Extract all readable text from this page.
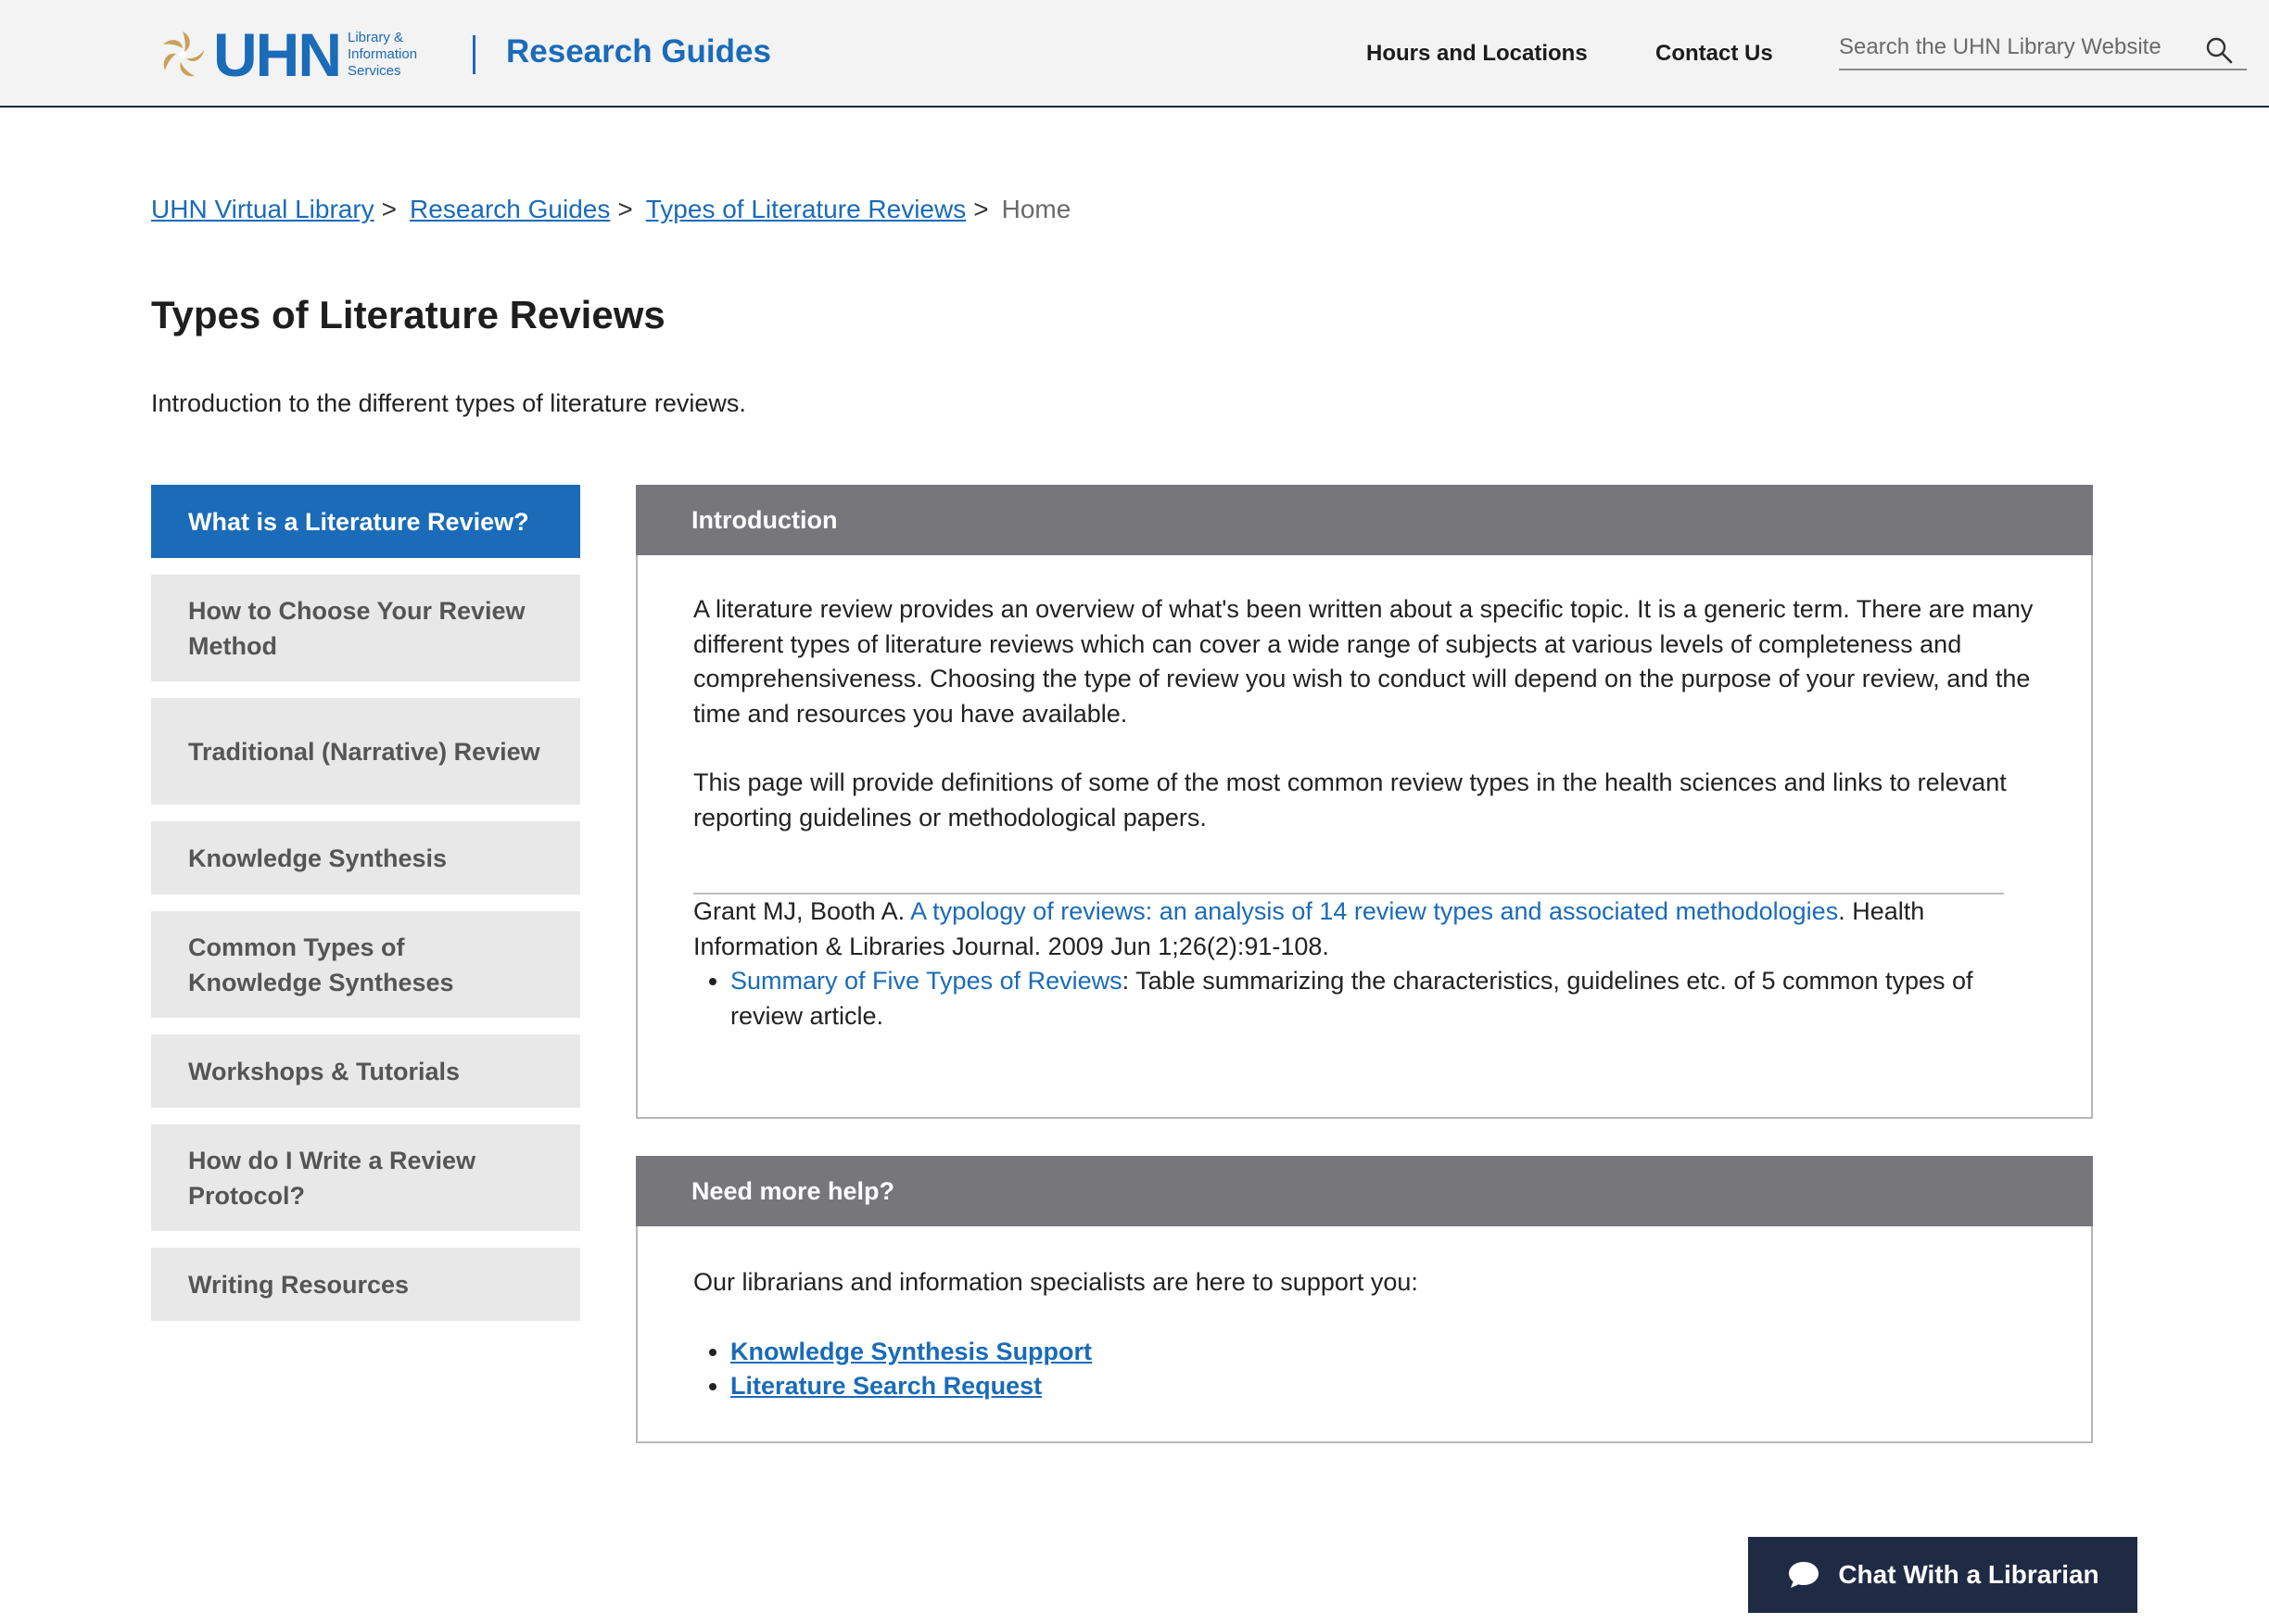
UHN Library & Information Services
Research Guides	Hours and Locations	Contact Us
Search the UHN Library Website
UHN Virtual Library > Research Guides > Types of Literature Reviews > Home
Types of Literature Reviews

Introduction to the different types of literature reviews.

What is a Literature Review?
How to Choose Your Review Method
Traditional (Narrative) Review
Knowledge Synthesis
Common Types of Knowledge Syntheses
Workshops & Tutorials
How do I Write a Review Protocol?
Writing Resources
Introduction

A literature review provides an overview of what's been written about a specific topic. It is a generic term. There are many different types of literature reviews which can cover a wide range of subjects at various levels of completeness and comprehensiveness. Choosing the type of review you wish to conduct will depend on the purpose of your review, and the time and resources you have available.

This page will provide definitions of some of the most common review types in the health sciences and links to relevant reporting guidelines or methodological papers.

Grant MJ, Booth A. A typology of reviews: an analysis of 14 review types and associated methodologies. Health Information & Libraries Journal. 2009 Jun 1;26(2):91-108.

• Summary of Five Types of Reviews: Table summarizing the characteristics, guidelines etc. of 5 common types of review article.
Need more help?

Our librarians and information specialists are here to support you:

• Knowledge Synthesis Support
• Literature Search Request
Chat With a Librarian
